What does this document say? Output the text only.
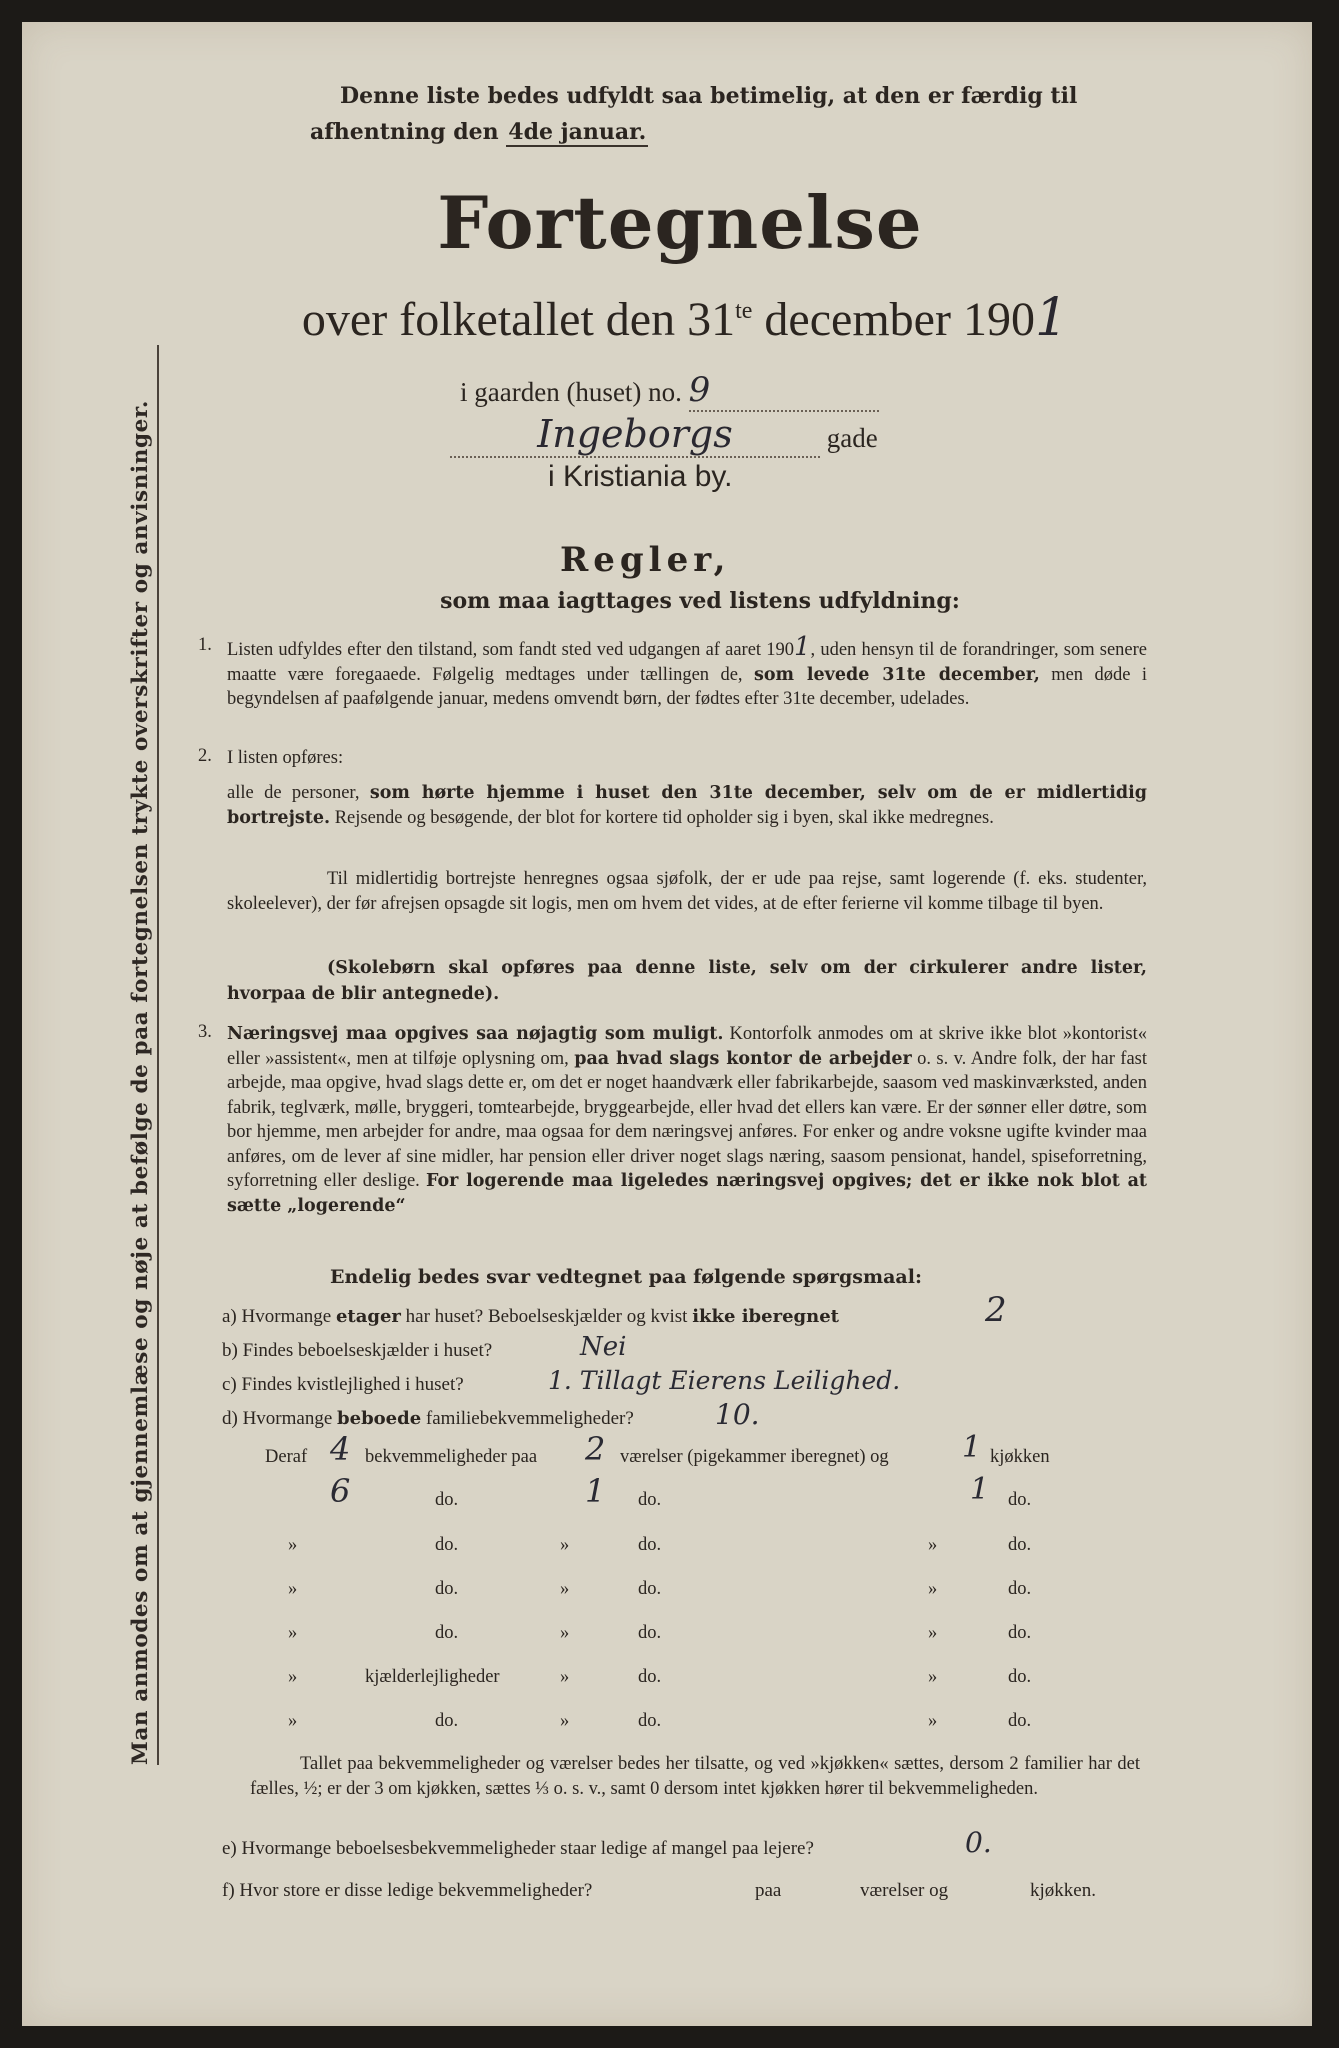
Man anmodes om at gjennemlæse og nøje at befølge de paa fortegnelsen trykte overskrifter og anvisninger.
Denne liste bedes udfyldt saa betimelig, at den er færdig til
afhentning den 4de januar.
Fortegnelse
over folketallet den $31^{te}$ december 1901
i gaarden (huset) no. 9
Ingeborgs	gade
i Kristiania by.
Regler,
som maa iagttages ved listens udfyldning:
1. Listen udfyldes efter den tilstand, som fandt sted ved udgangen af aaret 1901, uden hensyn til de forandringer, som senere maatte være foregaaede. Følgelig medtages under tællingen de, som levede 31te december, men døde i begyndelsen af paafølgende januar, medens omvendt børn, der fødtes efter 31te december, udelades.
2. I listen opføres:
alle de personer, som hørte hjemme i huset den 31te december, selv om de er midlertidig bortrejste. Rejsende og besøgende, der blot for kortere tid opholder sig i byen, skal ikke medregnes.
Til midlertidig bortrejste henregnes ogsaa sjøfolk, der er ude paa rejse, samt logerende (f. eks. studenter, skoleelever), der før afrejsen opsagde sit logis, men om hvem det vides, at de efter ferierne vil komme tilbage til byen.
(Skolebørn skal opføres paa denne liste, selv om der cirkulerer andre lister, hvorpaa de blir antegnede).
3. Næringsvej maa opgives saa nøjagtig som muligt. Kontorfolk anmodes om at skrive ikke blot »kontorist« eller »assistent«, men at tilføje oplysning om, paa hvad slags kontor de arbejder o. s. v. Andre folk, der har fast arbejde, maa opgive, hvad slags dette er, om det er noget haandværk eller fabrikarbejde, saasom ved maskinværksted, anden fabrik, teglværk, mølle, bryggeri, tomtearbejde, bryggearbejde, eller hvad det ellers kan være. Er der sønner eller døtre, som bor hjemme, men arbejder for andre, maa ogsaa for dem næringsvej anføres. For enker og andre voksne ugifte kvinder maa anføres, om de lever af sine midler, har pension eller driver noget slags næring, saasom pensionat, handel, spiseforretning, syforretning eller deslige. For logerende maa ligeledes næringsvej opgives; det er ikke nok blot at sætte „logerende“
Endelig bedes svar vedtegnet paa følgende spørgsmaal:
a) Hvormange etager har huset? Beboelseskjælder og kvist ikke iberegnet	2
b) Findes beboelseskjælder i huset?	Nei
c) Findes kvistlejlighed i huset?	1. Tillagt Eierens Leilighed.
d) Hvormange beboede familiebekvemmeligheder?	10.
Deraf 4 bekvemmeligheder paa 2 værelser (pigekammer iberegnet) og 1 kjøkken
6	do.	1 do.	1 do.
»	do.	»	do.	»	do.
»	do.	»	do.	»	do.
»	do.	»	do.	»	do.
»	kjælderlejligheder	»	do.	»	do.
»	do.	»	do.	»	do.
Tallet paa bekvemmeligheder og værelser bedes her tilsatte, og ved »kjøkken« sættes, dersom 2 familier har det fælles, ½; er der 3 om kjøkken, sættes ⅓ o. s. v., samt 0 dersom intet kjøkken hører til bekvemmeligheden.
e) Hvormange beboelsesbekvemmeligheder staar ledige af mangel paa lejere?	0.
f) Hvor store er disse ledige bekvemmeligheder?	paa	værelser og	kjøkken.
